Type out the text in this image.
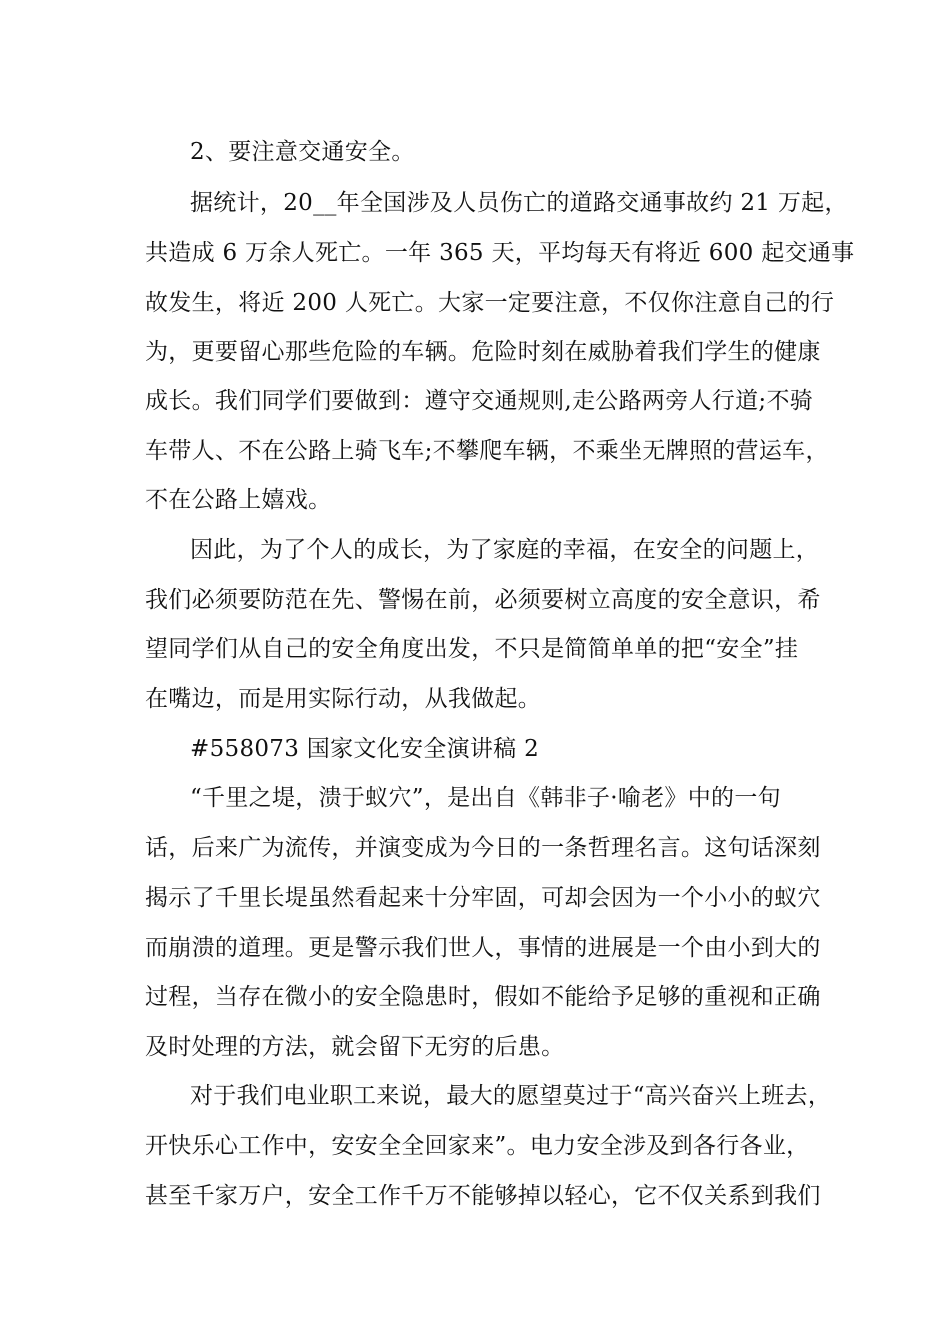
2、要注意交通安全。
据统计，20__年全国涉及人员伤亡的道路交通事故约 21 万起，
共造成 6 万余人死亡。一年 365 天，平均每天有将近 600 起交通事
故发生，将近 200 人死亡。大家一定要注意，不仅你注意自己的行
为，更要留心那些危险的车辆。危险时刻在威胁着我们学生的健康
成长。我们同学们要做到：遵守交通规则,走公路两旁人行道;不骑
车带人、不在公路上骑飞车;不攀爬车辆，不乘坐无牌照的营运车，
不在公路上嬉戏。
因此，为了个人的成长，为了家庭的幸福，在安全的问题上，
我们必须要防范在先、警惕在前，必须要树立高度的安全意识，希
望同学们从自己的安全角度出发，不只是简简单单的把“安全”挂
在嘴边，而是用实际行动，从我做起。
#558073 国家文化安全演讲稿 2
“千里之堤，溃于蚁穴”，是出自《韩非子·喻老》中的一句
话，后来广为流传，并演变成为今日的一条哲理名言。这句话深刻
揭示了千里长堤虽然看起来十分牢固，可却会因为一个小小的蚁穴
而崩溃的道理。更是警示我们世人，事情的进展是一个由小到大的
过程，当存在微小的安全隐患时，假如不能给予足够的重视和正确
及时处理的方法，就会留下无穷的后患。
对于我们电业职工来说，最大的愿望莫过于“高兴奋兴上班去，
开快乐心工作中，安安全全回家来”。电力安全涉及到各行各业，
甚至千家万户，安全工作千万不能够掉以轻心，它不仅关系到我们
